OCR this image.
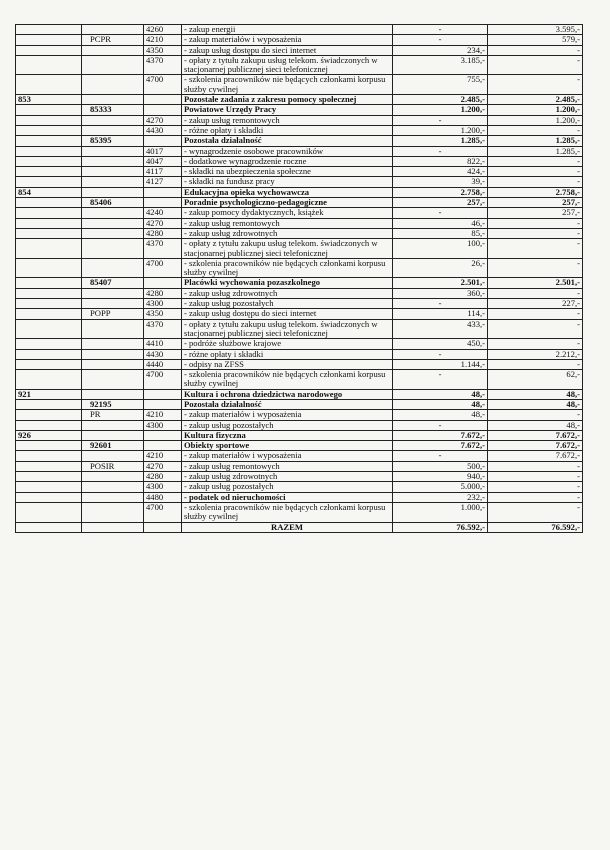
		4260	- zakup energii	-	3.595,-
	PCPR	4210	- zakup materiałów i wyposażenia	-	579,-
		4350	- zakup usług dostępu do sieci internet	234,-	-
		4370	- opłaty z tytułu zakupu usług telekom. świadczonych w stacjonarnej publicznej sieci telefonicznej	3.185,-	-
		4700	- szkolenia pracowników nie będących członkami korpusu służby cywilnej	755,-	-
853			Pozostałe zadania z zakresu pomocy społecznej	2.485,-	2.485,-
	85333		Powiatowe Urzędy Pracy	1.200,-	1.200,-
		4270	- zakup usług remontowych	-	1.200,-
		4430	- różne opłaty i składki	1.200,-	-
	85395		Pozostała działalność	1.285,-	1.285,-
		4017	- wynagrodzenie osobowe pracowników	-	1.285,-
		4047	- dodatkowe wynagrodzenie roczne	822,-	-
		4117	- składki na ubezpieczenia społeczne	424,-	-
		4127	- składki na fundusz pracy	39,-	-
854			Edukacyjna opieka wychowawcza	2.758,-	2.758,-
	85406		Poradnie psychologiczno-pedagogiczne	257,-	257,-
		4240	- zakup pomocy dydaktycznych, książek	-	257,-
		4270	- zakup usług remontowych	46,-	-
		4280	- zakup usług zdrowotnych	85,-	-
		4370	- opłaty z tytułu zakupu usług telekom. świadczonych w stacjonarnej publicznej sieci telefonicznej	100,-	-
		4700	- szkolenia pracowników nie będących członkami korpusu służby cywilnej	26,-	-
	85407		Placówki wychowania pozaszkolnego	2.501,-	2.501,-
		4280	- zakup usług zdrowotnych	360,-	-
		4300	- zakup usług pozostałych	-	227,-
	POPP	4350	- zakup usług dostępu do sieci internet	114,-	-
		4370	- opłaty z tytułu zakupu usług telekom. świadczonych w stacjonarnej publicznej sieci telefonicznej	433,-	-
		4410	- podróże służbowe krajowe	450,-	-
		4430	- różne opłaty i składki	-	2.212,-
		4440	- odpisy na ZFSS	1.144,-	-
		4700	- szkolenia pracowników nie będących członkami korpusu służby cywilnej	-	62,-
921			Kultura i ochrona dziedzictwa narodowego	48,-	48,-
	92195		Pozostała działalność	48,-	48,-
	PR	4210	- zakup materiałów i wyposażenia	48,-	-
		4300	- zakup usług pozostałych	-	48,-
926			Kultura fizyczna	7.672,-	7.672,-
	92601		Obiekty sportowe	7.672,-	7.672,-
		4210	- zakup materiałów i wyposażenia	-	7.672,-
	POSIR	4270	- zakup usług remontowych	500,-	-
		4280	- zakup usług zdrowotnych	940,-	-
		4300	- zakup usług pozostałych	5.000,-	-
		4480	- podatek od nieruchomości	232,-	-
		4700	- szkolenia pracowników nie będących członkami korpusu służby cywilnej	1.000,-	-
			RAZEM	76.592,-	76.592,-
